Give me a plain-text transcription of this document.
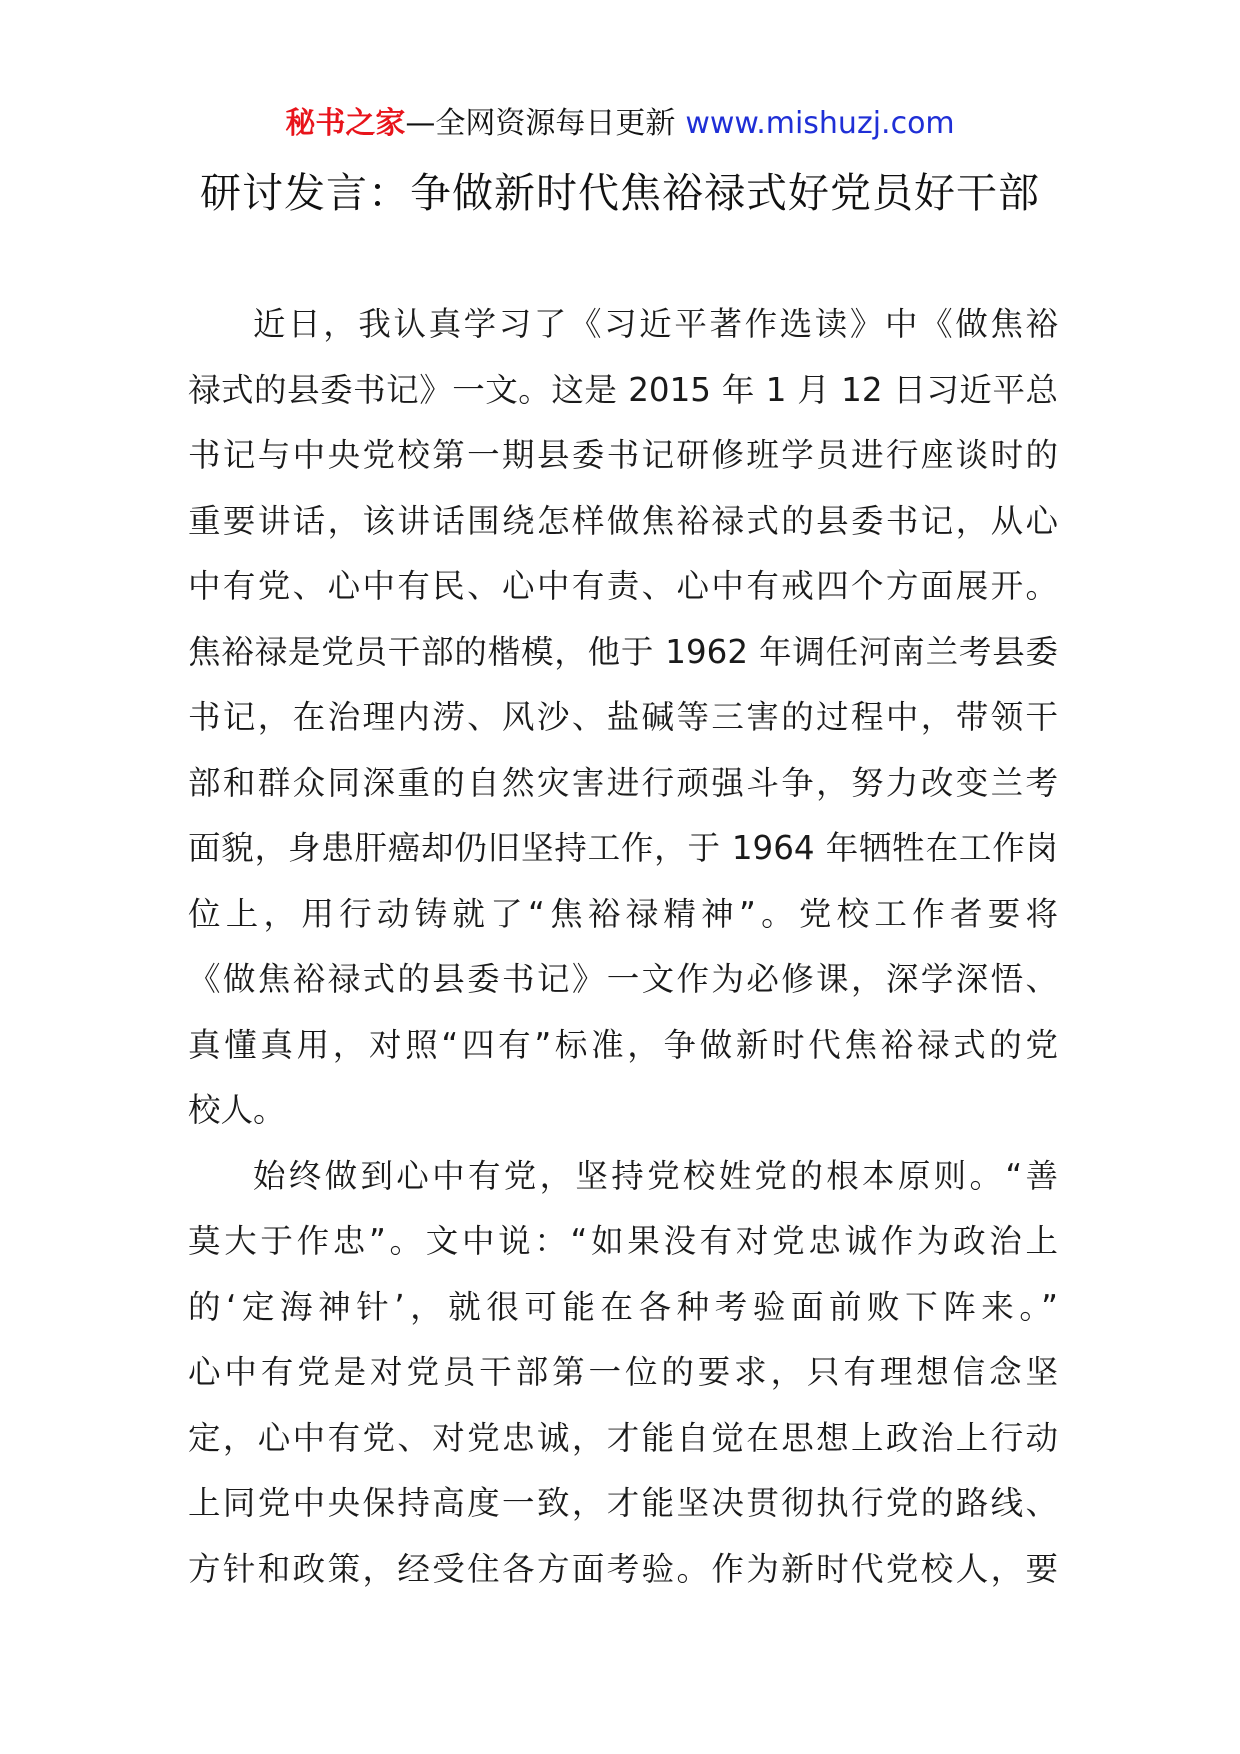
秘书之家—全网资源每日更新 www.mishuzj.com
研讨发言：争做新时代焦裕禄式好党员好干部
近日，我认真学习了《习近平著作选读》中《做焦裕
禄式的县委书记》一文。这是 2015 年 1 月 12 日习近平总
书记与中央党校第一期县委书记研修班学员进行座谈时的
重要讲话，该讲话围绕怎样做焦裕禄式的县委书记，从心
中有党、心中有民、心中有责、心中有戒四个方面展开。
焦裕禄是党员干部的楷模，他于 1962 年调任河南兰考县委
书记，在治理内涝、风沙、盐碱等三害的过程中，带领干
部和群众同深重的自然灾害进行顽强斗争，努力改变兰考
面貌，身患肝癌却仍旧坚持工作，于 1964 年牺牲在工作岗
位上，用行动铸就了“焦裕禄精神”。党校工作者要将
《做焦裕禄式的县委书记》一文作为必修课，深学深悟、
真懂真用，对照“四有”标准，争做新时代焦裕禄式的党
校人。
始终做到心中有党，坚持党校姓党的根本原则。“善
莫大于作忠”。文中说：“如果没有对党忠诚作为政治上
的‘定海神针’，就很可能在各种考验面前败下阵来。”
心中有党是对党员干部第一位的要求，只有理想信念坚
定，心中有党、对党忠诚，才能自觉在思想上政治上行动
上同党中央保持高度一致，才能坚决贯彻执行党的路线、
方针和政策，经受住各方面考验。作为新时代党校人，要
